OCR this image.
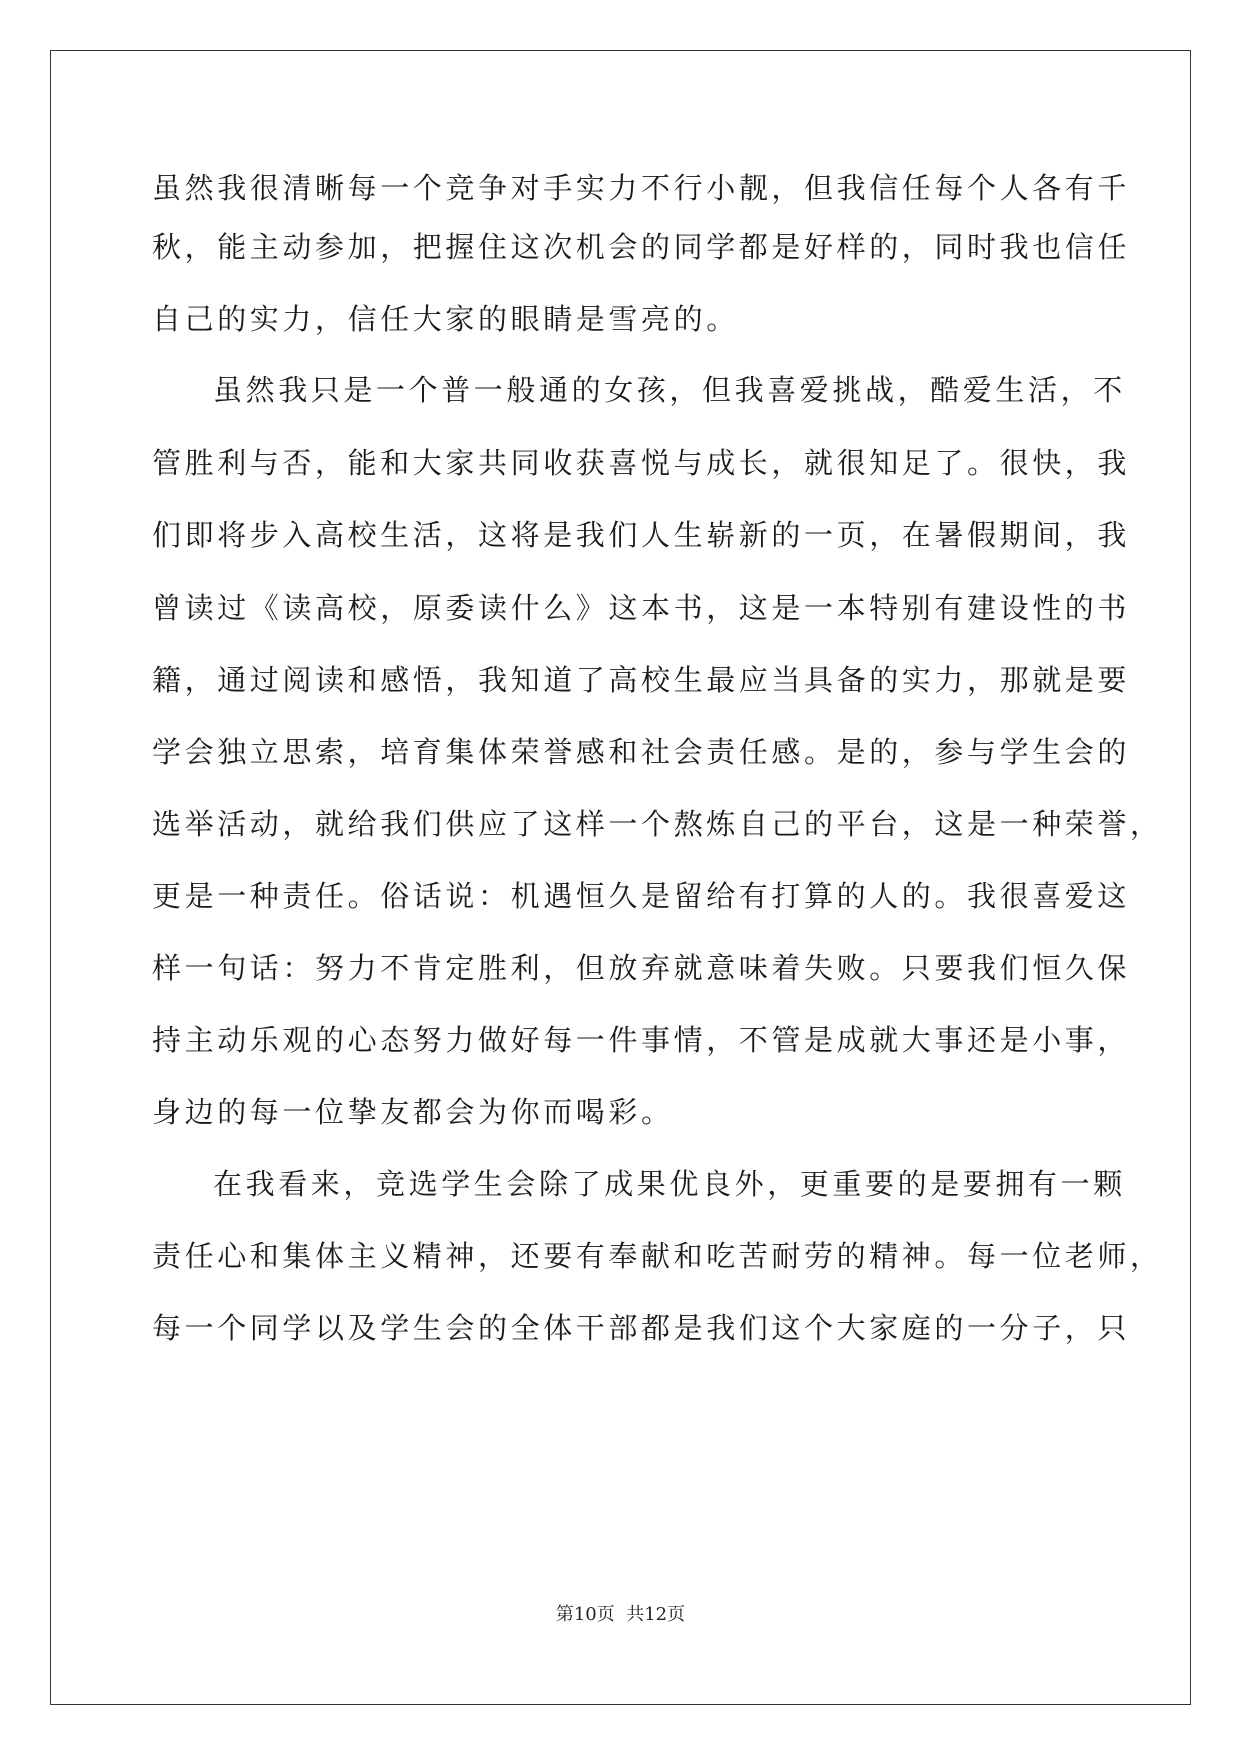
虽然我很清晰每一个竞争对手实力不行小靓，但我信任每个人各有千

秋，能主动参加，把握住这次机会的同学都是好样的，同时我也信任

自己的实力，信任大家的眼睛是雪亮的。

虽然我只是一个普一般通的女孩，但我喜爱挑战，酷爱生活，不

管胜利与否，能和大家共同收获喜悦与成长，就很知足了。很快，我

们即将步入高校生活，这将是我们人生崭新的一页，在暑假期间，我

曾读过《读高校，原委读什么》这本书，这是一本特别有建设性的书

籍，通过阅读和感悟，我知道了高校生最应当具备的实力，那就是要

学会独立思索，培育集体荣誉感和社会责任感。是的，参与学生会的

选举活动，就给我们供应了这样一个熬炼自己的平台，这是一种荣誉，

更是一种责任。俗话说：机遇恒久是留给有打算的人的。我很喜爱这

样一句话：努力不肯定胜利，但放弃就意味着失败。只要我们恒久保

持主动乐观的心态努力做好每一件事情，不管是成就大事还是小事，

身边的每一位挚友都会为你而喝彩。

在我看来，竞选学生会除了成果优良外，更重要的是要拥有一颗

责任心和集体主义精神，还要有奉献和吃苦耐劳的精神。每一位老师，

每一个同学以及学生会的全体干部都是我们这个大家庭的一分子，只

第10页  共12页
